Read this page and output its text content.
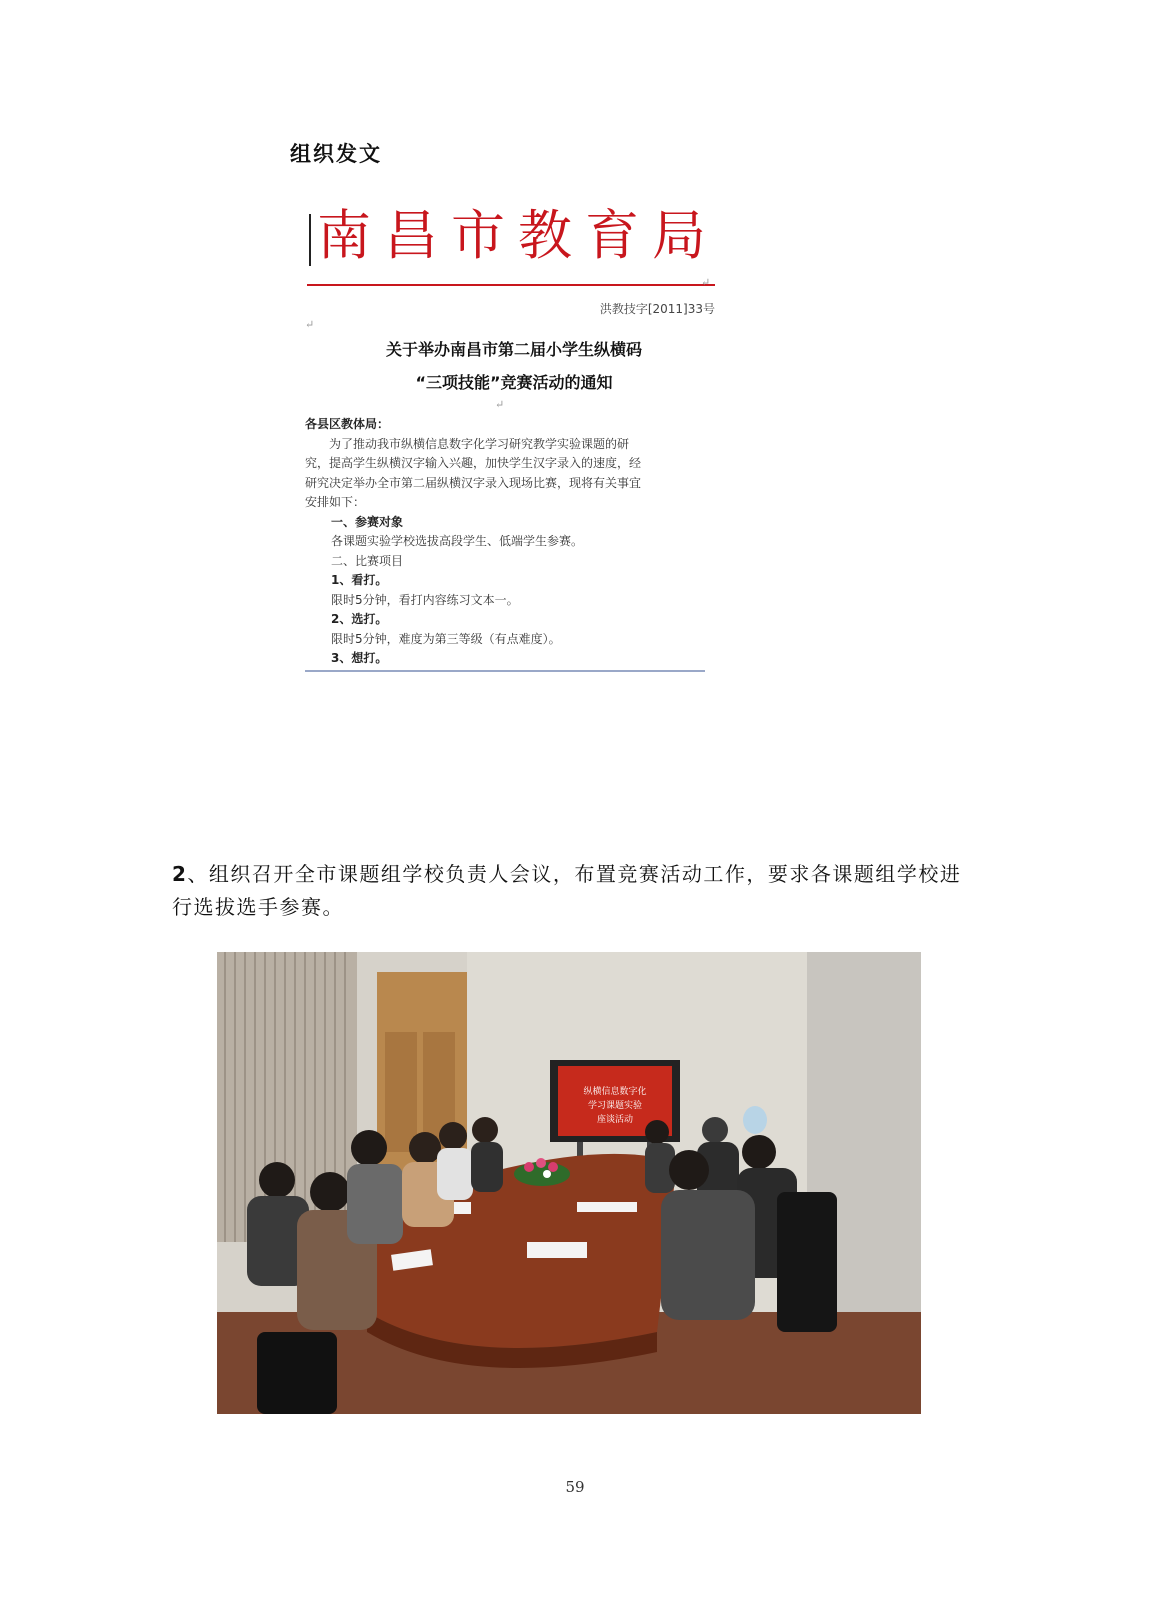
组织发文
南昌市教育局
↵
洪教技字[2011]33号
↵
关于举办南昌市第二届小学生纵横码
“三项技能”竞赛活动的通知
↵

各县区教体局：

为了推动我市纵横信息数字化学习研究教学实验课题的研

究，提高学生纵横汉字输入兴趣，加快学生汉字录入的速度，经

研究决定举办全市第二届纵横汉字录入现场比赛，现将有关事宜

安排如下：

一、参赛对象

各课题实验学校选拔高段学生、低端学生参赛。

二、比赛项目

1、看打。

限时5分钟，看打内容练习文本一。

2、选打。

限时5分钟，难度为第三等级（有点难度）。

3、想打。

2、组织召开全市课题组学校负责人会议，布置竞赛活动工作，要求各课题组学校进行选拔选手参赛。
纵横信息数字化
学习课题实验
座谈活动
59
